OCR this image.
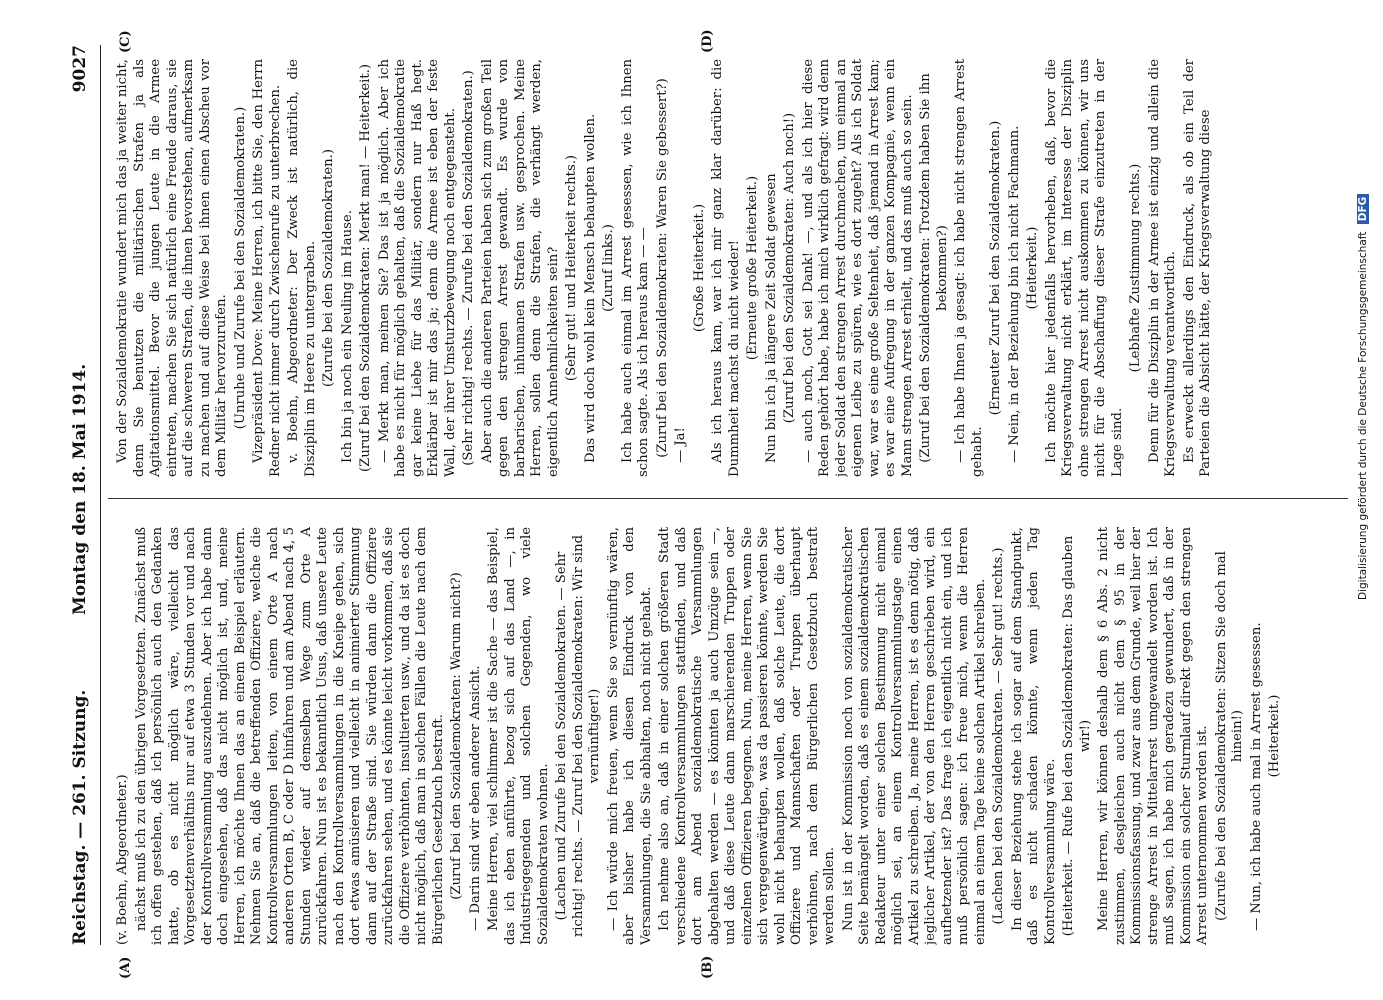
Reichstag. — 261. Sitzung.
Montag den 18. Mai 1914.
9027
(A)	(B)
(C)	(D)

(v. Boehn, Abgeordneter.) nächst muß ich zu den übrigen Vorgesetzten. Zunächst muß ich offen gestehen, daß ich persönlich auch den Gedanken hatte, ob es nicht möglich wäre, vielleicht das Vorgesetztenverhältnis nur auf etwa 3 Stunden vor und nach der Kontrollversammlung auszudehnen. Aber ich habe dann doch eingesehen, daß das nicht möglich ist, und, meine Herren, ich möchte Ihnen das an einem Beispiel erläutern. Nehmen Sie an, daß die betreffenden Offiziere, welche die Kontrollversammlungen leiten, von einem Orte A nach anderen Orten B, C oder D hinfahren und am Abend nach 4, 5 Stunden wieder auf demselben Wege zum Orte A zurückfahren. Nun ist es bekanntlich Usus, daß unsere Leute nach den Kontrollversammlungen in die Kneipe gehen, sich dort etwas amüsieren und vielleicht in animierter Stimmung dann auf der Straße sind. Sie würden dann die Offiziere zurückfahren sehen, und es könnte leicht vorkommen, daß sie die Offiziere verhöhnten, insultierten usw., und da ist es doch nicht möglich, daß man in solchen Fällen die Leute nach dem Bürgerlichen Gesetzbuch bestraft. (Zuruf bei den Sozialdemokraten: Warum nicht?) — Darin sind wir eben anderer Ansicht. Meine Herren, viel schlimmer ist die Sache — das Beispiel, das ich eben anführte, bezog sich auf das Land —, in Industriegegenden und solchen Gegenden, wo viele Sozialdemokraten wohnen. (Lachen und Zurufe bei den Sozialdemokraten. — Sehr richtig! rechts. — Zuruf bei den Sozialdemokraten: Wir sind vernünftiger!) — Ich würde mich freuen, wenn Sie so vernünftig wären, aber bisher habe ich diesen Eindruck von den Versammlungen, die Sie abhalten, noch nicht gehabt. Ich nehme also an, daß in einer solchen größeren Stadt verschiedene Kontrollversammlungen stattfinden, und daß dort am Abend sozialdemokratische Versammlungen abgehalten werden — es könnten ja auch Umzüge sein —, und daß diese Leute dann marschierenden Truppen oder einzelnen Offizieren begegnen. Nun, meine Herren, wenn Sie sich vergegenwärtigen, was da passieren könnte, werden Sie wohl nicht behaupten wollen, daß solche Leute, die dort Offiziere und Mannschaften oder Truppen überhaupt verhöhnen, nach dem Bürgerlichen Gesetzbuch bestraft werden sollen. Nun ist in der Kommission noch von sozialdemokratischer Seite bemängelt worden, daß es einem sozialdemokratischen Redakteur unter einer solchen Bestimmung nicht einmal möglich sei, an einem Kontrollversammlungstage einen Artikel zu schreiben. Ja, meine Herren, ist es denn nötig, daß jeglicher Artikel, der von den Herren geschrieben wird, ein aufhetzender ist? Das frage ich eigentlich nicht ein, und ich muß persönlich sagen: ich freue mich, wenn die Herren einmal an einem Tage keine solchen Artikel schreiben. (Lachen bei den Sozialdemokraten. — Sehr gut! rechts.) In dieser Beziehung stehe ich sogar auf dem Standpunkt, daß es nicht schaden könnte, wenn jeden Tag Kontrollversammlung wäre. (Heiterkeit. — Rufe bei den Sozialdemokraten: Das glauben wir!) Meine Herren, wir können deshalb dem § 6 Abs. 2 nicht zustimmen, desgleichen auch nicht dem § 95 in der Kommissionsfassung, und zwar aus dem Grunde, weil hier der strenge Arrest in Mittelarrest umgewandelt worden ist. Ich muß sagen, ich habe mich geradezu gewundert, daß in der Kommission ein solcher Sturmlauf direkt gegen den strengen Arrest unternommen worden ist. (Zurufe bei den Sozialdemokraten: Sitzen Sie doch mal hinein!) — Nun, ich habe auch mal in Arrest gesessen. (Heiterkeit.)

Von der Sozialdemokratie wundert mich das ja weiter nicht, denn Sie benutzen die militärischen Strafen ja als Agitationsmittel. Bevor die jungen Leute in die Armee eintreten, machen Sie sich natürlich eine Freude daraus, sie auf die schweren Strafen, die ihnen bevorstehen, aufmerksam zu machen und auf diese Weise bei ihnen einen Abscheu vor dem Militär hervorzurufen. (Unruhe und Zurufe bei den Sozialdemokraten.) Vizepräsident Dove: Meine Herren, ich bitte Sie, den Herrn Redner nicht immer durch Zwischenrufe zu unterbrechen. v. Boehn, Abgeordneter: Der Zweck ist natürlich, die Disziplin im Heere zu untergraben. (Zurufe bei den Sozialdemokraten.) Ich bin ja noch ein Neuling im Hause. (Zuruf bei den Sozialdemokraten: Merkt man! — Heiterkeit.) — Merkt man, meinen Sie? Das ist ja möglich. Aber ich habe es nicht für möglich gehalten, daß die Sozialdemokratie gar keine Liebe für das Militär, sondern nur Haß hegt. Erklärbar ist mir das ja; denn die Armee ist eben der feste Wall, der ihrer Umsturzbewegung noch entgegensteht. (Sehr richtig! rechts. — Zurufe bei den Sozialdemokraten.) Aber auch die anderen Parteien haben sich zum großen Teil gegen den strengen Arrest gewandt. Es wurde von barbarischen, inhumanen Strafen usw. gesprochen. Meine Herren, sollen denn die Strafen, die verhängt werden, eigentlich Annehmlichkeiten sein? (Sehr gut! und Heiterkeit rechts.) Das wird doch wohl kein Mensch behaupten wollen. (Zuruf links.) Ich habe auch einmal im Arrest gesessen, wie ich Ihnen schon sagte. Als ich heraus kam — — (Zuruf bei den Sozialdemokraten: Waren Sie gebessert?) — Ja!

(Große Heiterkeit.) Als ich heraus kam, war ich mir ganz klar darüber: die Dummheit machst du nicht wieder! (Erneute große Heiterkeit.) Nun bin ich ja längere Zeit Soldat gewesen (Zuruf bei den Sozialdemokraten: Auch noch!) — auch noch, Gott sei Dank! —, und als ich hier diese Reden gehört habe, habe ich mich wirklich gefragt: wird denn jeder Soldat den strengen Arrest durchmachen, um einmal an eigenen Leibe zu spüren, wie es dort zugeht? Als ich Soldat war, war es eine große Seltenheit, daß jemand in Arrest kam; es war eine Aufregung in der ganzen Kompagnie, wenn ein Mann strengen Arrest erhielt, und das muß auch so sein. (Zuruf bei den Sozialdemokraten: Trotzdem haben Sie ihn bekommen?) — Ich habe Ihnen ja gesagt: ich habe nicht strengen Arrest gehabt.

(Erneuter Zuruf bei den Sozialdemokraten.) — Nein, in der Beziehung bin ich nicht Fachmann. (Heiterkeit.) Ich möchte hier jedenfalls hervorheben, daß, bevor die Kriegsverwaltung nicht erklärt, im Interesse der Disziplin ohne strengen Arrest nicht auskommen zu können, wir uns nicht für die Abschaffung dieser Strafe einzutreten in der Lage sind.

(Lebhafte Zustimmung rechts.) Denn für die Disziplin in der Armee ist einzig und allein die Kriegsverwaltung verantwortlich. Es erweckt allerdings den Eindruck, als ob ein Teil der Parteien die Absicht hätte, der Kriegsverwaltung diese	Digitalisierung gefördert durch die Deutsche Forschungsgemeinschaft DFG
